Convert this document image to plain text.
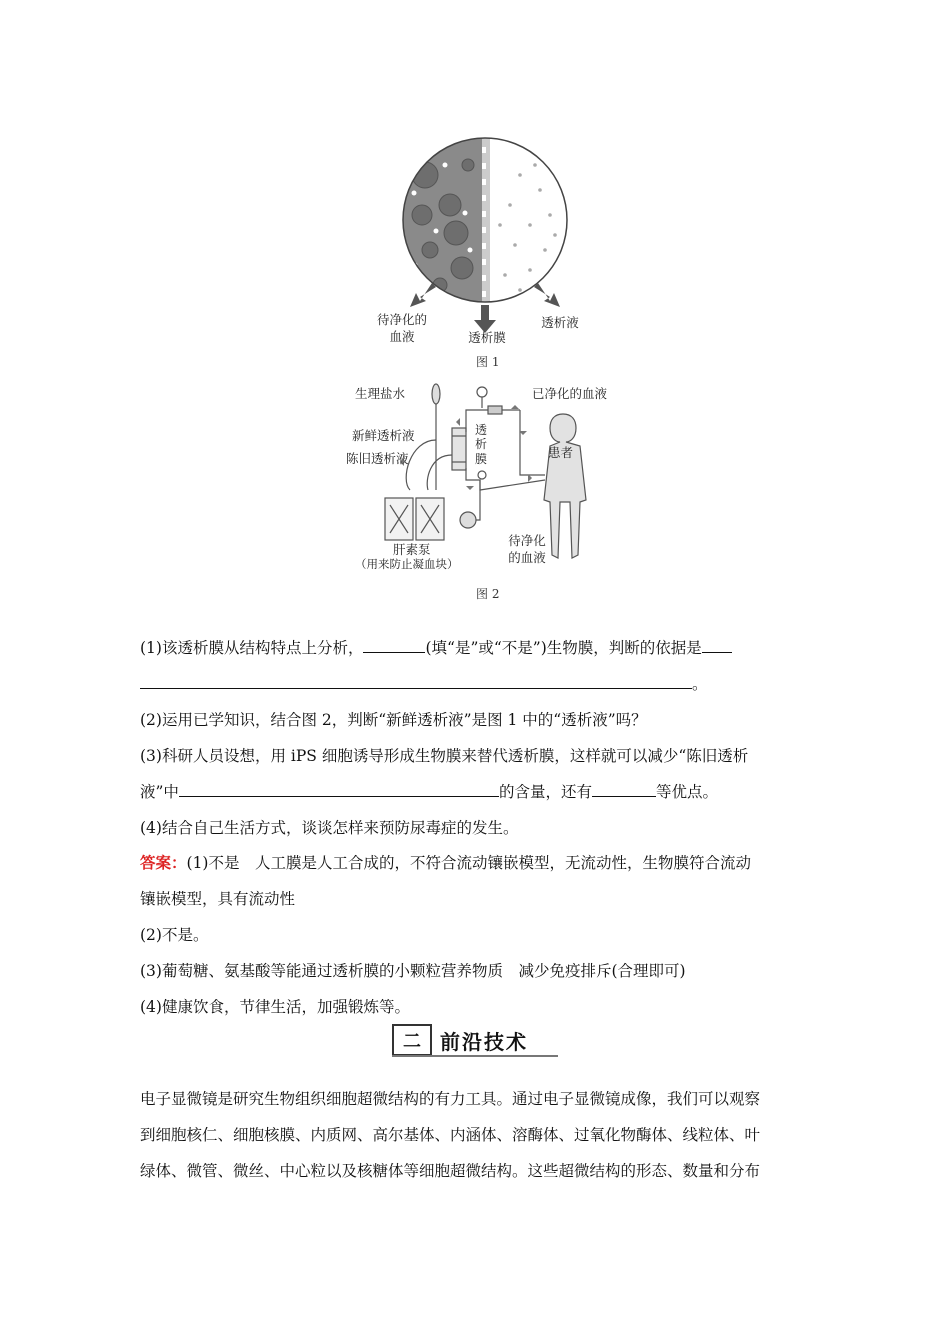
待净化的
血液	透析膜
透析液
图 1
生理盐水
新鲜透析液
陈旧透析液
透析膜
已净化的血液
患者
肝素泵
（用来防止凝血块）
待净化
的血液
图 2
(1)该透析膜从结构特点上分析，	(填“是”或“不是”)生物膜，判断的依据是
。
(2)运用已学知识，结合图 2，判断“新鲜透析液”是图 1 中的“透析液”吗？
(3)科研人员设想，用 iPS 细胞诱导形成生物膜来替代透析膜，这样就可以减少“陈旧透析
液”中	的含量，还有	等优点。
(4)结合自己生活方式，谈谈怎样来预防尿毒症的发生。
答案：(1)不是　人工膜是人工合成的，不符合流动镶嵌模型，无流动性，生物膜符合流动
镶嵌模型，具有流动性
(2)不是。
(3)葡萄糖、氨基酸等能通过透析膜的小颗粒营养物质　减少免疫排斥(合理即可)
(4)健康饮食，节律生活，加强锻炼等。
二 前沿技术
电子显微镜是研究生物组织细胞超微结构的有力工具。通过电子显微镜成像，我们可以观察
到细胞核仁、细胞核膜、内质网、高尔基体、内涵体、溶酶体、过氧化物酶体、线粒体、叶
绿体、微管、微丝、中心粒以及核糖体等细胞超微结构。这些超微结构的形态、数量和分布
